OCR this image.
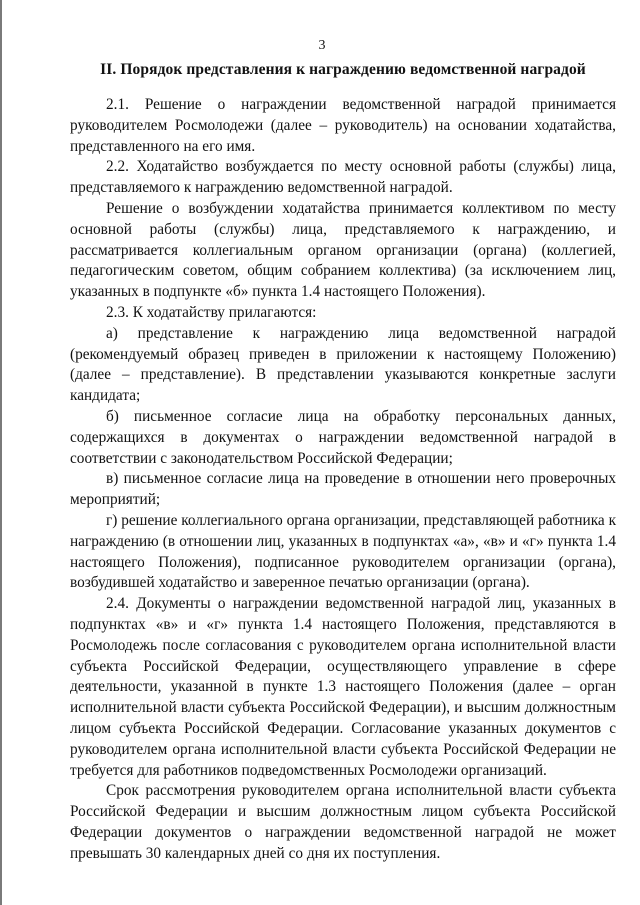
3
II. Порядок представления к награждению ведомственной наградой

2.1. Решение о награждении ведомственной наградой принимается руководителем Росмолодежи (далее – руководитель) на основании ходатайства, представленного на его имя.

2.2. Ходатайство возбуждается по месту основной работы (службы) лица, представляемого к награждению ведомственной наградой.

Решение о возбуждении ходатайства принимается коллективом по месту основной работы (службы) лица, представляемого к награждению, и рассматривается коллегиальным органом организации (органа) (коллегией, педагогическим советом, общим собранием коллектива) (за исключением лиц, указанных в подпункте «б» пункта 1.4 настоящего Положения).

2.3. К ходатайству прилагаются:

а) представление к награждению лица ведомственной наградой (рекомендуемый образец приведен в приложении к настоящему Положению) (далее – представление). В представлении указываются конкретные заслуги кандидата;

б) письменное согласие лица на обработку персональных данных, содержащихся в документах о награждении ведомственной наградой в соответствии с законодательством Российской Федерации;

в) письменное согласие лица на проведение в отношении него проверочных мероприятий;

г) решение коллегиального органа организации, представляющей работника к награждению (в отношении лиц, указанных в подпунктах «а», «в» и «г» пункта 1.4 настоящего Положения), подписанное руководителем организации (органа), возбудившей ходатайство и заверенное печатью организации (органа).

2.4. Документы о награждении ведомственной наградой лиц, указанных в подпунктах «в» и «г» пункта 1.4 настоящего Положения, представляются в Росмолодежь после согласования с руководителем органа исполнительной власти субъекта Российской Федерации, осуществляющего управление в сфере деятельности, указанной в пункте 1.3 настоящего Положения (далее – орган исполнительной власти субъекта Российской Федерации), и высшим должностным лицом субъекта Российской Федерации. Согласование указанных документов с руководителем органа исполнительной власти субъекта Российской Федерации не требуется для работников подведомственных Росмолодежи организаций.

Срок рассмотрения руководителем органа исполнительной власти субъекта Российской Федерации и высшим должностным лицом субъекта Российской Федерации документов о награждении ведомственной наградой не может превышать 30 календарных дней со дня их поступления.
